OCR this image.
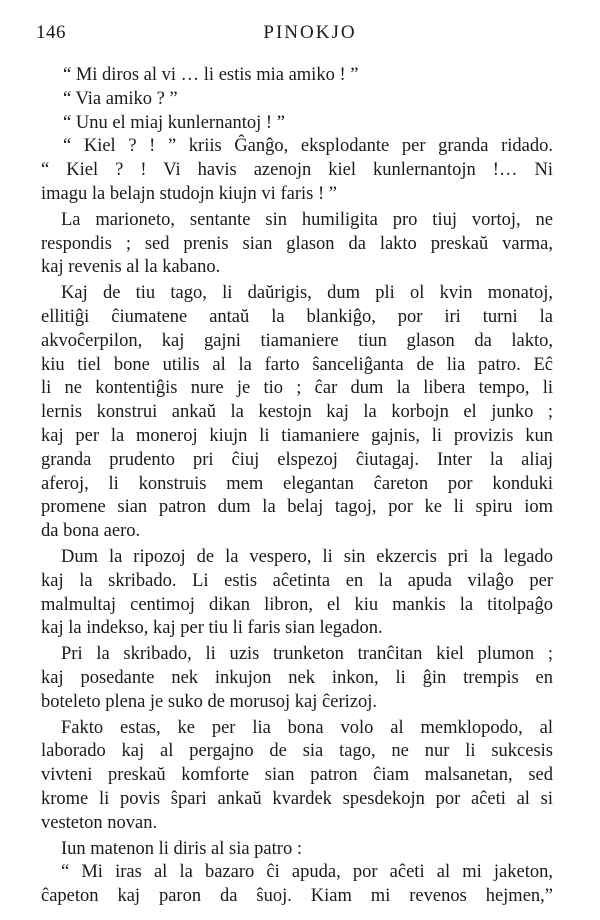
146	PINOKJO
“ Mi diros al vi … li estis mia amiko ! ”
“ Via amiko ? ”
“ Unu el miaj kunlernantoj ! ”
“ Kiel ? ! ” kriis Ĝanĝo, eksplodante per granda ridado.
“ Kiel ? ! Vi havis azenojn kiel kunlernantojn !… Ni
imagu la belajn studojn kiujn vi faris ! ”
La marioneto, sentante sin humiligita pro tiuj vortoj, ne
respondis ; sed prenis sian glason da lakto preskaŭ varma,
kaj revenis al la kabano.
Kaj de tiu tago, li daŭrigis, dum pli ol kvin monatoj,
ellitiĝi ĉiumatene antaŭ la blankiĝo, por iri turni la
akvoĉerpilon, kaj gajni tiamaniere tiun glason da lakto,
kiu tiel bone utilis al la farto ŝanceliĝanta de lia patro. Eĉ
li ne kontentiĝis nure je tio ; ĉar dum la libera tempo, li
lernis konstrui ankaŭ la kestojn kaj la korbojn el junko ;
kaj per la moneroj kiujn li tiamaniere gajnis, li provizis kun
granda prudento pri ĉiuj elspezoj ĉiutagaj. Inter la aliaj
aferoj, li konstruis mem elegantan ĉareton por konduki
promene sian patron dum la belaj tagoj, por ke li spiru iom
da bona aero.
Dum la ripozoj de la vespero, li sin ekzercis pri la legado
kaj la skribado. Li estis aĉetinta en la apuda vilaĝo per
malmultaj centimoj dikan libron, el kiu mankis la titolpaĝo
kaj la indekso, kaj per tiu li faris sian legadon.
Pri la skribado, li uzis trunketon tranĉitan kiel plumon ;
kaj posedante nek inkujon nek inkon, li ĝin trempis en
boteleto plena je suko de morusoj kaj ĉerizoj.
Fakto estas, ke per lia bona volo al memklopodo, al
laborado kaj al pergajno de sia tago, ne nur li sukcesis
vivteni preskaŭ komforte sian patron ĉiam malsanetan, sed
krome li povis ŝpari ankaŭ kvardek spesdekojn por aĉeti al si
vesteton novan.
Iun matenon li diris al sia patro :
“ Mi iras al la bazaro ĉi apuda, por aĉeti al mi jaketon,
ĉapeton kaj paron da ŝuoj. Kiam mi revenos hejmen,”
